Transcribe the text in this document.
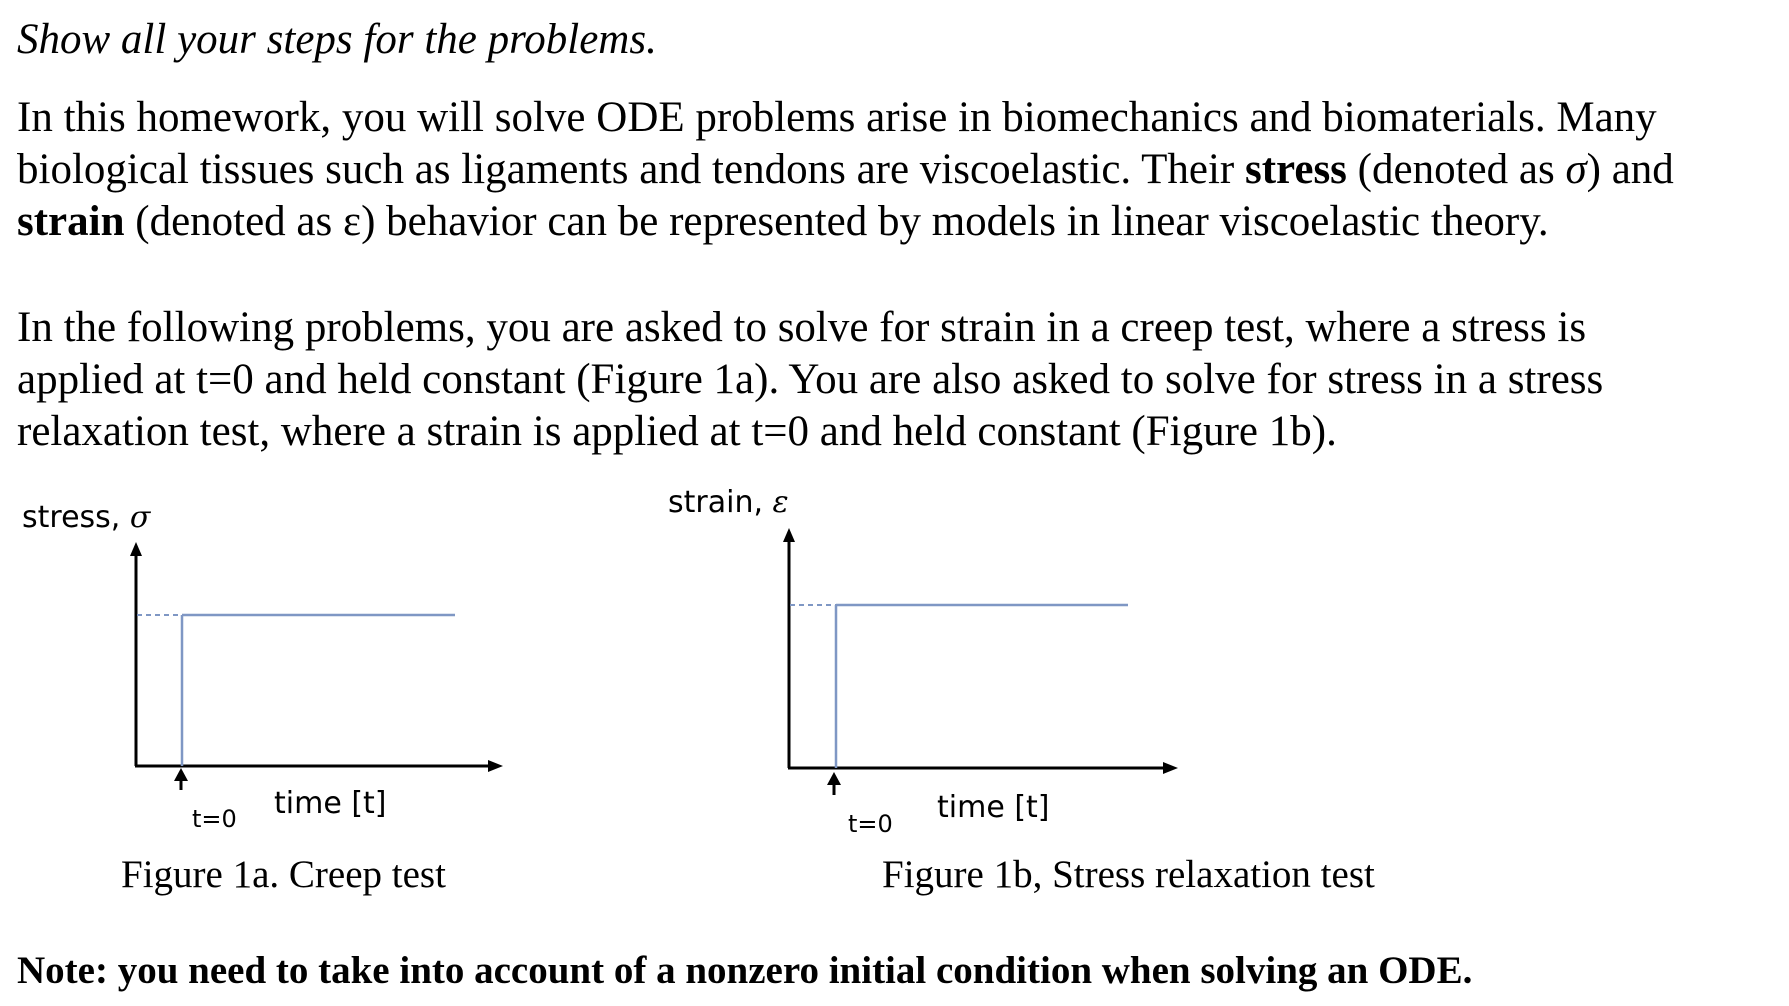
Show all your steps for the problems.
In this homework, you will solve ODE problems arise in biomechanics and biomaterials. Many
biological tissues such as ligaments and tendons are viscoelastic. Their stress (denoted as σ) and
strain (denoted as ε) behavior can be represented by models in linear viscoelastic theory.
In the following problems, you are asked to solve for strain in a creep test, where a stress is
applied at t=0 and held constant (Figure 1a). You are also asked to solve for stress in a stress
relaxation test, where a strain is applied at t=0 and held constant (Figure 1b).
stress, σ
t=0 time [t]
Figure 1a. Creep test
strain, ε
t=0 time [t]
Figure 1b, Stress relaxation test
Note: you need to take into account of a nonzero initial condition when solving an ODE.
